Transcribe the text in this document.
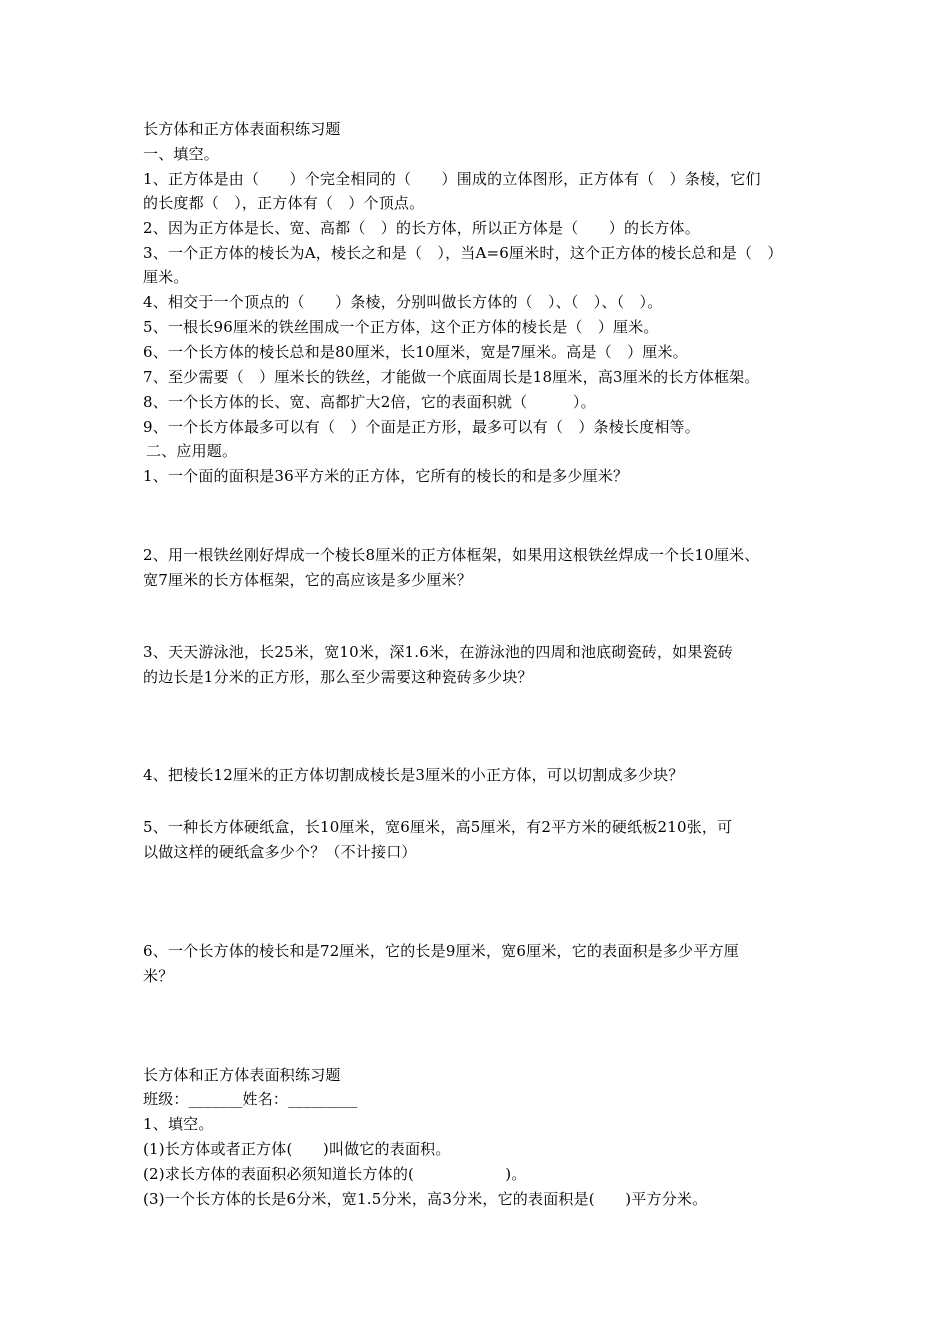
长方体和正方体表面积练习题
一、填空。
1、正方体是由（　　）个完全相同的（　　）围成的立体图形，正方体有（　）条棱，它们
的长度都（　），正方体有（　）个顶点。
2、因为正方体是长、宽、高都（　）的长方体，所以正方体是（　　）的长方体。
3、一个正方体的棱长为A，棱长之和是（　），当A=6厘米时，这个正方体的棱长总和是（　）
厘米。
4、相交于一个顶点的（　　）条棱，分别叫做长方体的（　）、（　）、（　）。
5、一根长96厘米的铁丝围成一个正方体，这个正方体的棱长是（　）厘米。
6、一个长方体的棱长总和是80厘米，长10厘米，宽是7厘米。高是（　）厘米。
7、至少需要（　）厘米长的铁丝，才能做一个底面周长是18厘米，高3厘米的长方体框架。
8、一个长方体的长、宽、高都扩大2倍，它的表面积就（　　　）。
9、一个长方体最多可以有（　）个面是正方形，最多可以有（　）条棱长度相等。
二、应用题。
1、一个面的面积是36平方米的正方体，它所有的棱长的和是多少厘米？
2、用一根铁丝刚好焊成一个棱长8厘米的正方体框架，如果用这根铁丝焊成一个长10厘米、
宽7厘米的长方体框架，它的高应该是多少厘米？
3、天天游泳池，长25米，宽10米，深1.6米，在游泳池的四周和池底砌瓷砖，如果瓷砖
的边长是1分米的正方形，那么至少需要这种瓷砖多少块？
4、把棱长12厘米的正方体切割成棱长是3厘米的小正方体，可以切割成多少块？
5、一种长方体硬纸盒，长10厘米，宽6厘米，高5厘米，有2平方米的硬纸板210张，可
以做这样的硬纸盒多少个？（不计接口）
6、一个长方体的棱长和是72厘米，它的长是9厘米，宽6厘米，它的表面积是多少平方厘
米？
长方体和正方体表面积练习题
班级：_______姓名：_________
1、填空。
(1)长方体或者正方体(　　)叫做它的表面积。
(2)求长方体的表面积必须知道长方体的(　　　　　　)。
(3)一个长方体的长是6分米，宽1.5分米，高3分米，它的表面积是(　　)平方分米。
